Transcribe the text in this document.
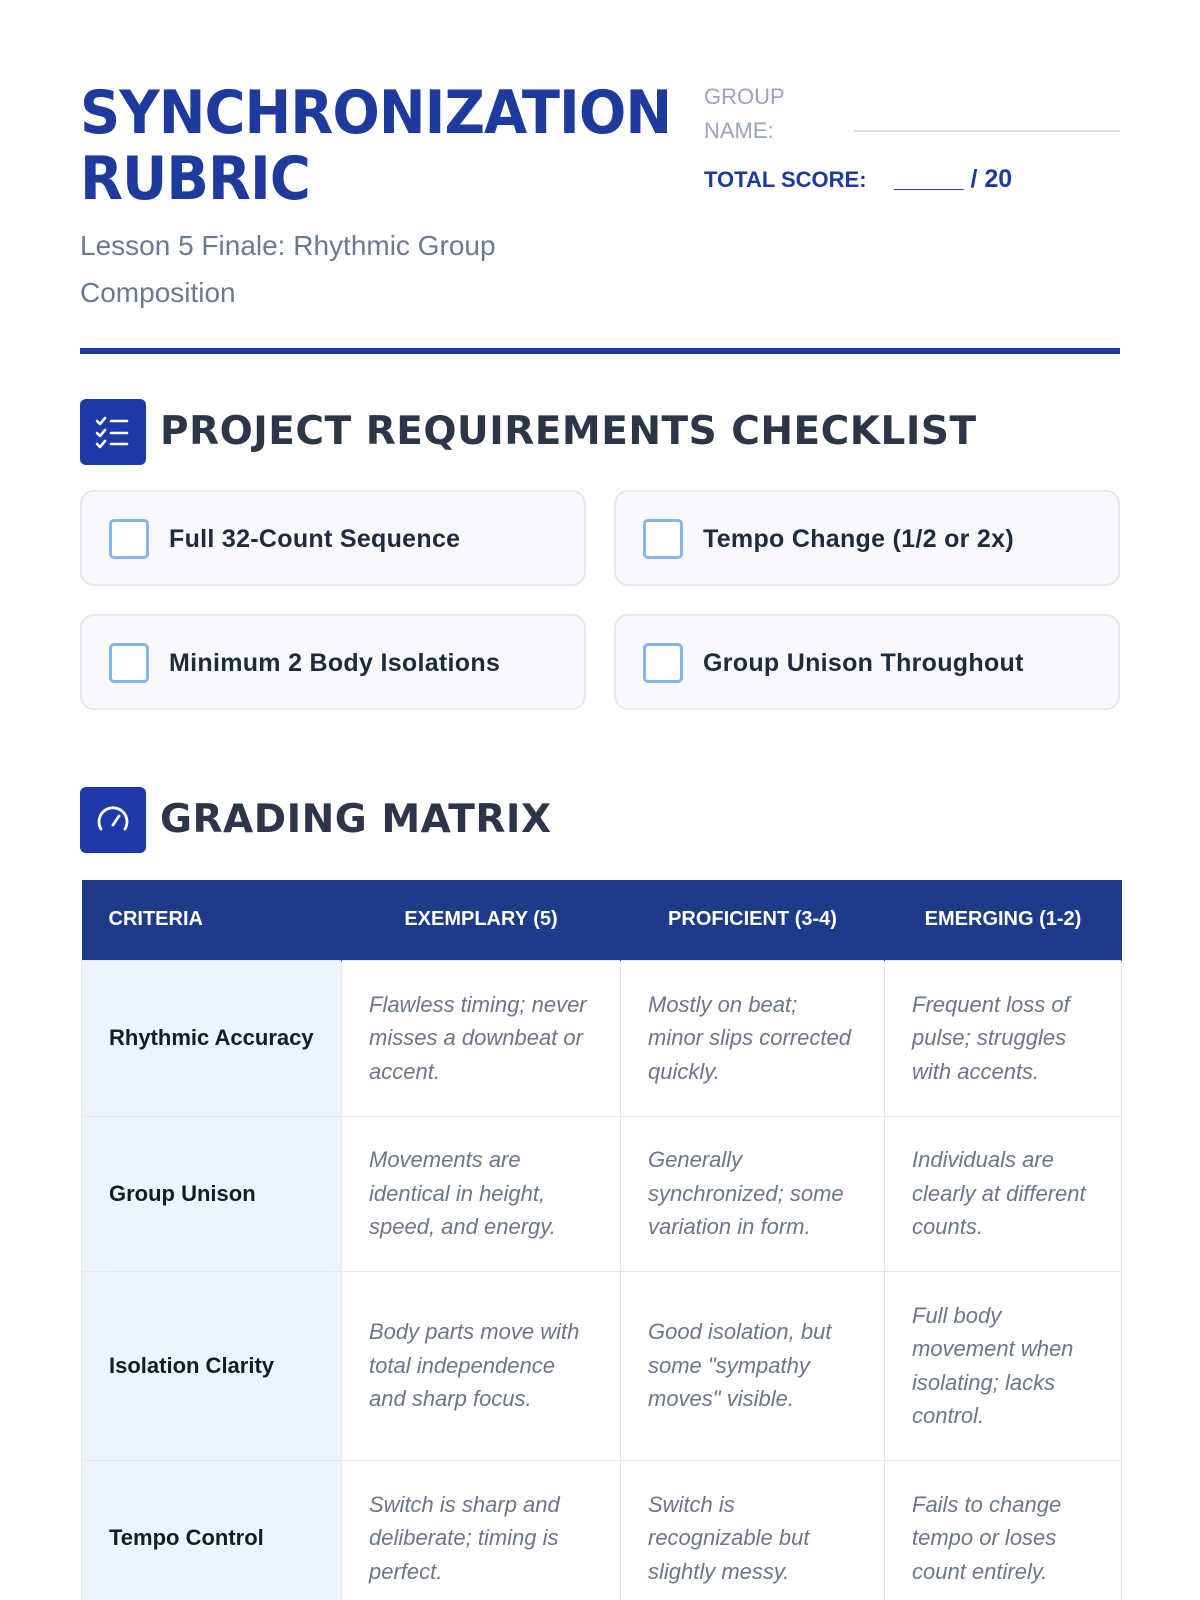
SYNCHRONIZATION RUBRIC
Lesson 5 Finale: Rhythmic Group Composition
GROUP NAME:
TOTAL SCORE: _____ / 20
PROJECT REQUIREMENTS CHECKLIST
Full 32-Count Sequence	Tempo Change (1/2 or 2x)
Minimum 2 Body Isolations	Group Unison Throughout
GRADING MATRIX
CRITERIA	EXEMPLARY (5)	PROFICIENT (3-4)	EMERGING (1-2)
Rhythmic Accuracy	Flawless timing; never misses a downbeat or accent.	Mostly on beat; minor slips corrected quickly.	Frequent loss of pulse; struggles with accents.
Group Unison	Movements are identical in height, speed, and energy.	Generally synchronized; some variation in form.	Individuals are clearly at different counts.
Isolation Clarity	Body parts move with total independence and sharp focus.	Good isolation, but some "sympathy moves" visible.	Full body movement when isolating; lacks control.
Tempo Control	Switch is sharp and deliberate; timing is perfect.	Switch is recognizable but slightly messy.	Fails to change tempo or loses count entirely.
